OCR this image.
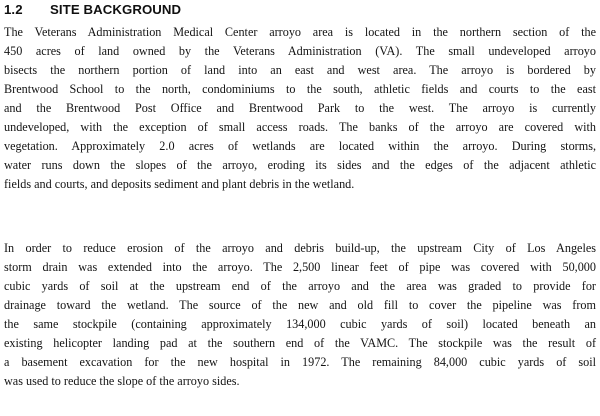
1.2	SITE BACKGROUND

The Veterans Administration Medical Center arroyo area is located in the northern section of the
450 acres of land owned by the Veterans Administration (VA). The small undeveloped arroyo
bisects the northern portion of land into an east and west area. The arroyo is bordered by
Brentwood School to the north, condominiums to the south, athletic fields and courts to the east
and the Brentwood Post Office and Brentwood Park to the west. The arroyo is currently
undeveloped, with the exception of small access roads. The banks of the arroyo are covered with
vegetation. Approximately 2.0 acres of wetlands are located within the arroyo. During storms,
water runs down the slopes of the arroyo, eroding its sides and the edges of the adjacent athletic
fields and courts, and deposits sediment and plant debris in the wetland.

In order to reduce erosion of the arroyo and debris build-up, the upstream City of Los Angeles
storm drain was extended into the arroyo. The 2,500 linear feet of pipe was covered with 50,000
cubic yards of soil at the upstream end of the arroyo and the area was graded to provide for
drainage toward the wetland. The source of the new and old fill to cover the pipeline was from
the same stockpile (containing approximately 134,000 cubic yards of soil) located beneath an
existing helicopter landing pad at the southern end of the VAMC. The stockpile was the result of
a basement excavation for the new hospital in 1972. The remaining 84,000 cubic yards of soil
was used to reduce the slope of the arroyo sides.
